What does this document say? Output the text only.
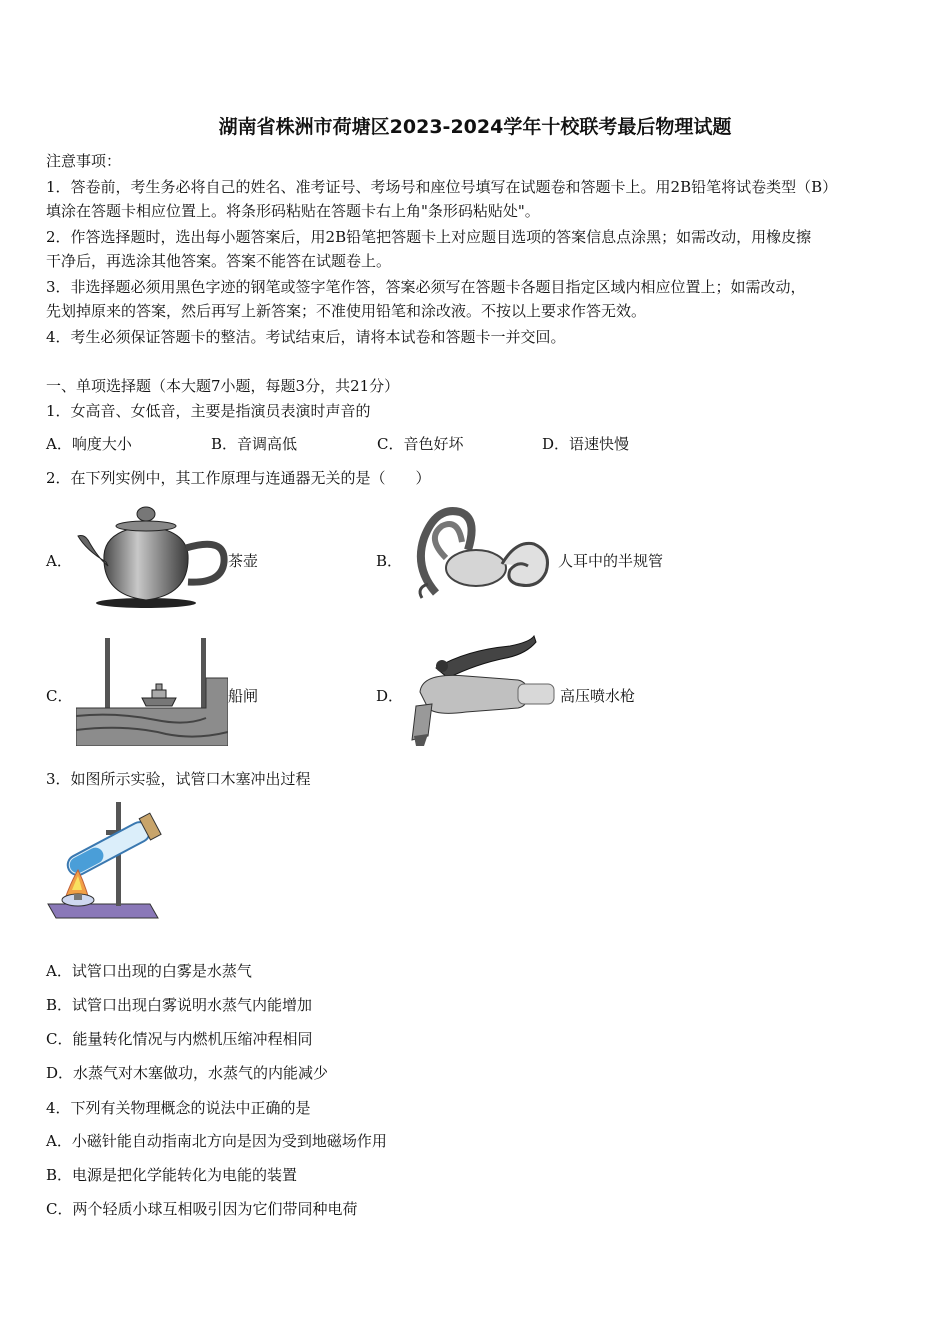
湖南省株洲市荷塘区2023-2024学年十校联考最后物理试题
注意事项：
1．答卷前，考生务必将自己的姓名、准考证号、考场号和座位号填写在试题卷和答题卡上。用2B铅笔将试卷类型（B）
填涂在答题卡相应位置上。将条形码粘贴在答题卡右上角"条形码粘贴处"。
2．作答选择题时，选出每小题答案后，用2B铅笔把答题卡上对应题目选项的答案信息点涂黑；如需改动，用橡皮擦
干净后，再选涂其他答案。答案不能答在试题卷上。
3．非选择题必须用黑色字迹的钢笔或签字笔作答，答案必须写在答题卡各题目指定区域内相应位置上；如需改动，
先划掉原来的答案，然后再写上新答案；不准使用铅笔和涂改液。不按以上要求作答无效。
4．考生必须保证答题卡的整洁。考试结束后，请将本试卷和答题卡一并交回。
一、单项选择题（本大题7小题，每题3分，共21分）
1．女高音、女低音，主要是指演员表演时声音的
A．响度大小	B．音调高低	C．音色好坏	D．语速快慢
2．在下列实例中，其工作原理与连通器无关的是（　　）
A．	茶壶	B．	人耳中的半规管
C．	船闸	D．	高压喷水枪
3．如图所示实验，试管口木塞冲出过程
A．试管口出现的白雾是水蒸气
B．试管口出现白雾说明水蒸气内能增加
C．能量转化情况与内燃机压缩冲程相同
D．水蒸气对木塞做功，水蒸气的内能减少
4．下列有关物理概念的说法中正确的是
A．小磁针能自动指南北方向是因为受到地磁场作用
B．电源是把化学能转化为电能的装置
C．两个轻质小球互相吸引因为它们带同种电荷
